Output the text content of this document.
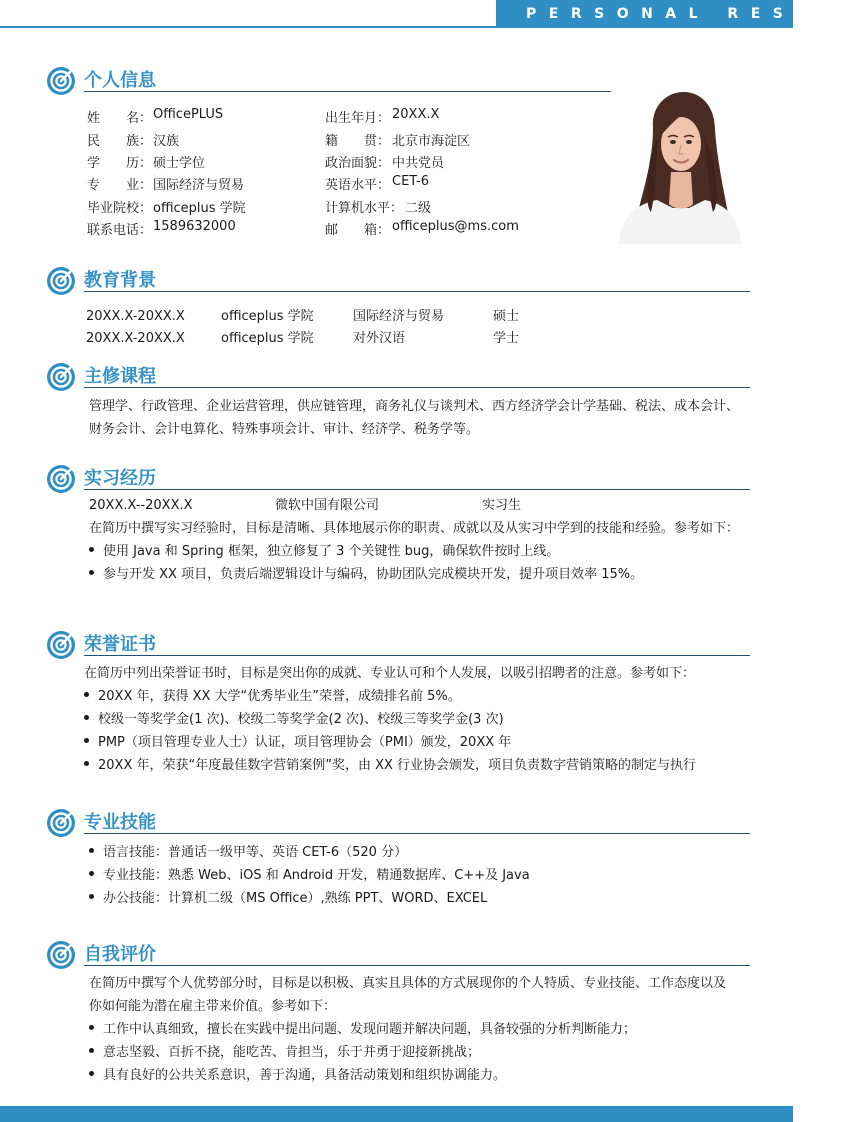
PERSONAL RESUME
个人信息
姓　　名： OfficePLUS
民　　族： 汉族
学　　历： 硕士学位
专　　业： 国际经济与贸易
毕业院校： officeplus 学院
联系电话： 1589632000
出生年月： 20XX.X
籍　　贯： 北京市海淀区
政治面貌： 中共党员
英语水平： CET-6
计算机水平： 二级
邮　　箱： officeplus@ms.com
教育背景
20XX.X-20XX.X	officeplus 学院	国际经济与贸易	硕士
20XX.X-20XX.X	officeplus 学院	对外汉语	学士
主修课程
管理学、行政管理、企业运营管理，供应链管理，商务礼仪与谈判术、西方经济学会计学基础、税法、成本会计、
财务会计、会计电算化、特殊事项会计、审计、经济学、税务学等。
实习经历
20XX.X--20XX.X	微软中国有限公司	实习生
在简历中撰写实习经验时，目标是清晰、具体地展示你的职责、成就以及从实习中学到的技能和经验。参考如下：
使用 Java 和 Spring 框架，独立修复了 3 个关键性 bug，确保软件按时上线。
参与开发 XX 项目，负责后端逻辑设计与编码，协助团队完成模块开发，提升项目效率 15%。
荣誉证书
在简历中列出荣誉证书时，目标是突出你的成就、专业认可和个人发展，以吸引招聘者的注意。参考如下：
20XX 年，获得 XX 大学“优秀毕业生”荣誉，成绩排名前 5%。
校级一等奖学金(1 次)、校级二等奖学金(2 次)、校级三等奖学金(3 次)
PMP（项目管理专业人士）认证，项目管理协会（PMI）颁发，20XX 年
20XX 年，荣获“年度最佳数字营销案例”奖，由 XX 行业协会颁发，项目负责数字营销策略的制定与执行
专业技能
语言技能：普通话一级甲等、英语 CET-6（520 分）
专业技能：熟悉 Web、iOS 和 Android 开发，精通数据库、C++及 Java
办公技能：计算机二级（MS Office）,熟练 PPT、WORD、EXCEL
自我评价
在简历中撰写个人优势部分时，目标是以积极、真实且具体的方式展现你的个人特质、专业技能、工作态度以及
你如何能为潜在雇主带来价值。参考如下：
工作中认真细致，擅长在实践中提出问题、发现问题并解决问题，具备较强的分析判断能力；
意志坚毅、百折不挠，能吃苦、肯担当，乐于并勇于迎接新挑战；
具有良好的公共关系意识，善于沟通，具备活动策划和组织协调能力。
